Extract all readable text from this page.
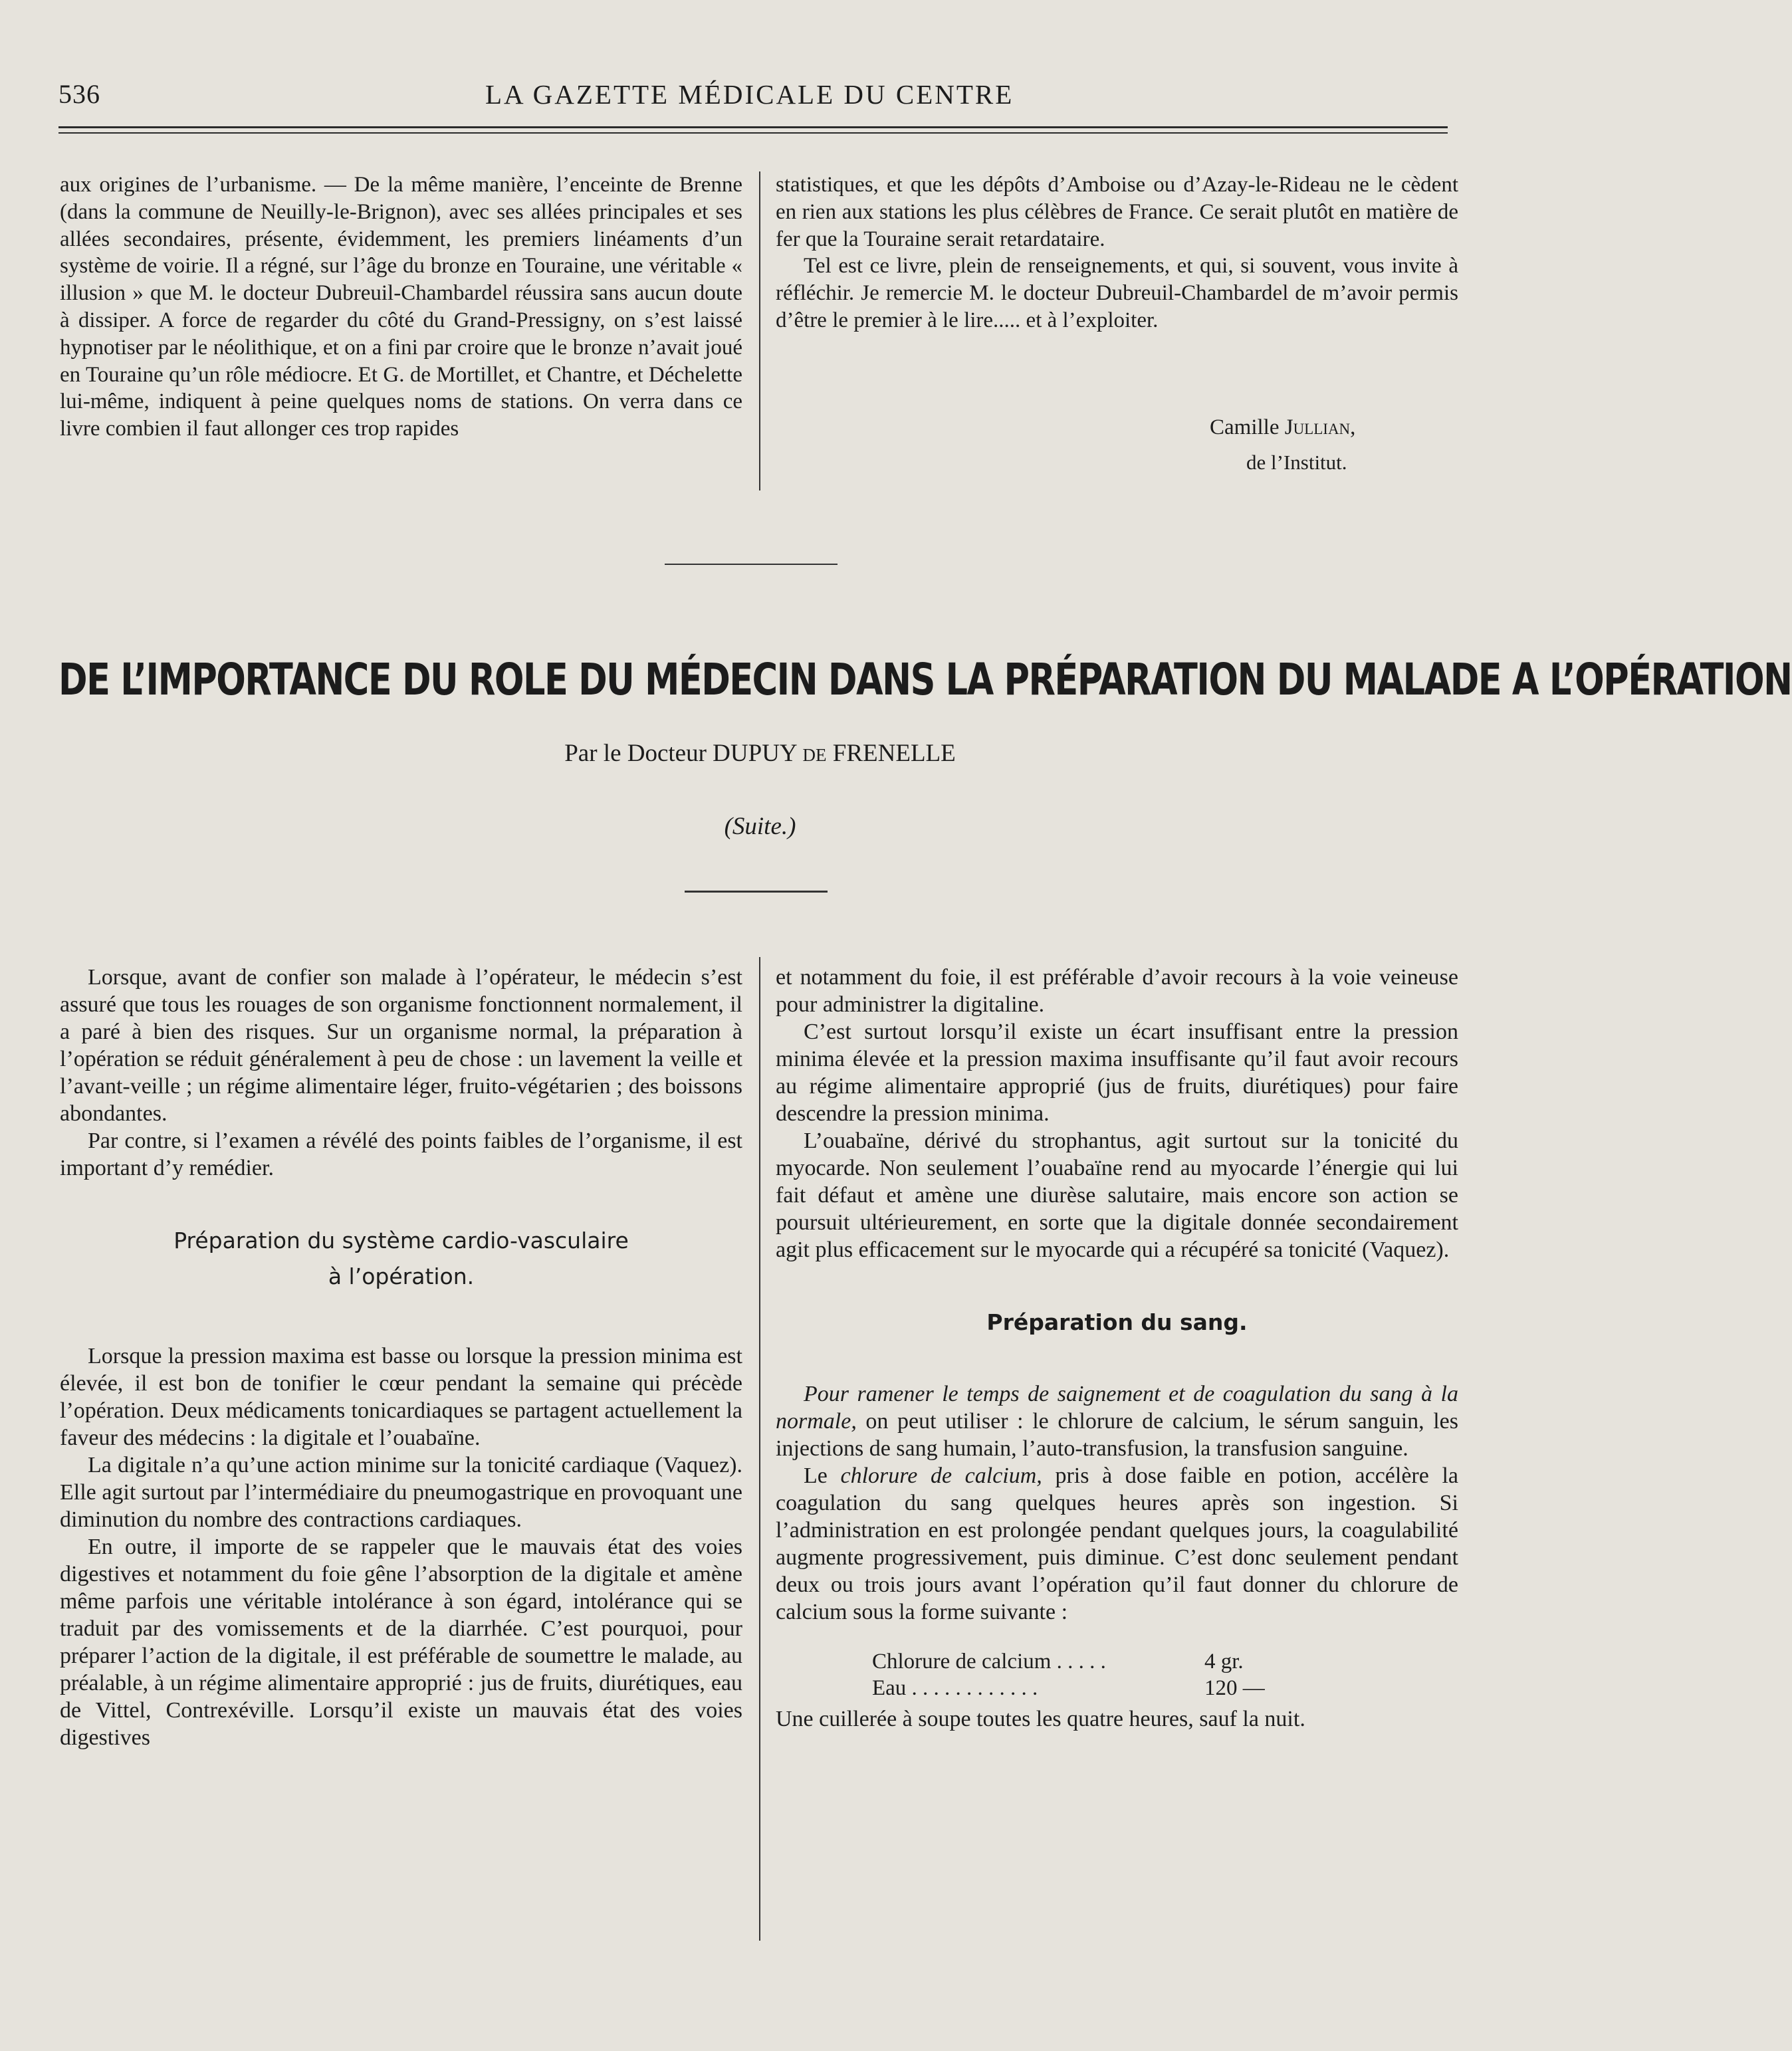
536	LA GAZETTE MÉDICALE DU CENTRE

aux origines de l’urbanisme. — De la même manière, l’enceinte de Brenne (dans la commune de Neuilly-le-Brignon), avec ses allées principales et ses allées secondaires, présente, évidemment, les premiers linéaments d’un système de voirie. Il a régné, sur l’âge du bronze en Touraine, une véritable « illusion » que M. le docteur Dubreuil-Chambardel réussira sans aucun doute à dissiper. A force de regarder du côté du Grand-Pressigny, on s’est laissé hypnotiser par le néolithique, et on a fini par croire que le bronze n’avait joué en Touraine qu’un rôle médiocre. Et G. de Mortillet, et Chantre, et Déchelette lui-même, indiquent à peine quelques noms de stations. On verra dans ce livre combien il faut allonger ces trop rapides

statistiques, et que les dépôts d’Amboise ou d’Azay-le-Rideau ne le cèdent en rien aux stations les plus célèbres de France. Ce serait plutôt en matière de fer que la Touraine serait retardataire.

Tel est ce livre, plein de renseignements, et qui, si souvent, vous invite à réfléchir. Je remercie M. le docteur Dubreuil-Chambardel de m’avoir permis d’être le premier à le lire..... et à l’exploiter.

Camille Jullian,
de l’Institut.
DE L’IMPORTANCE DU ROLE DU MÉDECIN DANS LA PRÉPARATION DU MALADE A L’OPÉRATION
Par le Docteur DUPUY DE FRENELLE
(Suite.)

Lorsque, avant de confier son malade à l’opérateur, le médecin s’est assuré que tous les rouages de son organisme fonctionnent normalement, il a paré à bien des risques. Sur un organisme normal, la préparation à l’opération se réduit généralement à peu de chose : un lavement la veille et l’avant-veille ; un régime alimentaire léger, fruito-végétarien ; des boissons abondantes.

Par contre, si l’examen a révélé des points faibles de l’organisme, il est important d’y remédier.

Préparation du système cardio-vasculaire
à l’opération.

Lorsque la pression maxima est basse ou lorsque la pression minima est élevée, il est bon de tonifier le cœur pendant la semaine qui précède l’opération. Deux médicaments tonicardiaques se partagent actuellement la faveur des médecins : la digitale et l’ouabaïne.

La digitale n’a qu’une action minime sur la tonicité cardiaque (Vaquez). Elle agit surtout par l’intermédiaire du pneumogastrique en provoquant une diminution du nombre des contractions cardiaques.

En outre, il importe de se rappeler que le mauvais état des voies digestives et notamment du foie gêne l’absorption de la digitale et amène même parfois une véritable intolérance à son égard, intolérance qui se traduit par des vomissements et de la diarrhée. C’est pourquoi, pour préparer l’action de la digitale, il est préférable de soumettre le malade, au préalable, à un régime alimentaire approprié : jus de fruits, diurétiques, eau de Vittel, Contrexéville. Lorsqu’il existe un mauvais état des voies digestives

et notamment du foie, il est préférable d’avoir recours à la voie veineuse pour administrer la digitaline.

C’est surtout lorsqu’il existe un écart insuffisant entre la pression minima élevée et la pression maxima insuffisante qu’il faut avoir recours au régime alimentaire approprié (jus de fruits, diurétiques) pour faire descendre la pression minima.

L’ouabaïne, dérivé du strophantus, agit surtout sur la tonicité du myocarde. Non seulement l’ouabaïne rend au myocarde l’énergie qui lui fait défaut et amène une diurèse salutaire, mais encore son action se poursuit ultérieurement, en sorte que la digitale donnée secondairement agit plus efficacement sur le myocarde qui a récupéré sa tonicité (Vaquez).

Préparation du sang.

Pour ramener le temps de saignement et de coagulation du sang à la normale, on peut utiliser : le chlorure de calcium, le sérum sanguin, les injections de sang humain, l’auto-transfusion, la transfusion sanguine.

Le chlorure de calcium, pris à dose faible en potion, accélère la coagulation du sang quelques heures après son ingestion. Si l’administration en est prolongée pendant quelques jours, la coagulabilité augmente progressivement, puis diminue. C’est donc seulement pendant deux ou trois jours avant l’opération qu’il faut donner du chlorure de calcium sous la forme suivante :

Chlorure de calcium . . . . .	4 gr.
Eau . . . . . . . . . . . .	120 —

Une cuillerée à soupe toutes les quatre heures, sauf la nuit.
